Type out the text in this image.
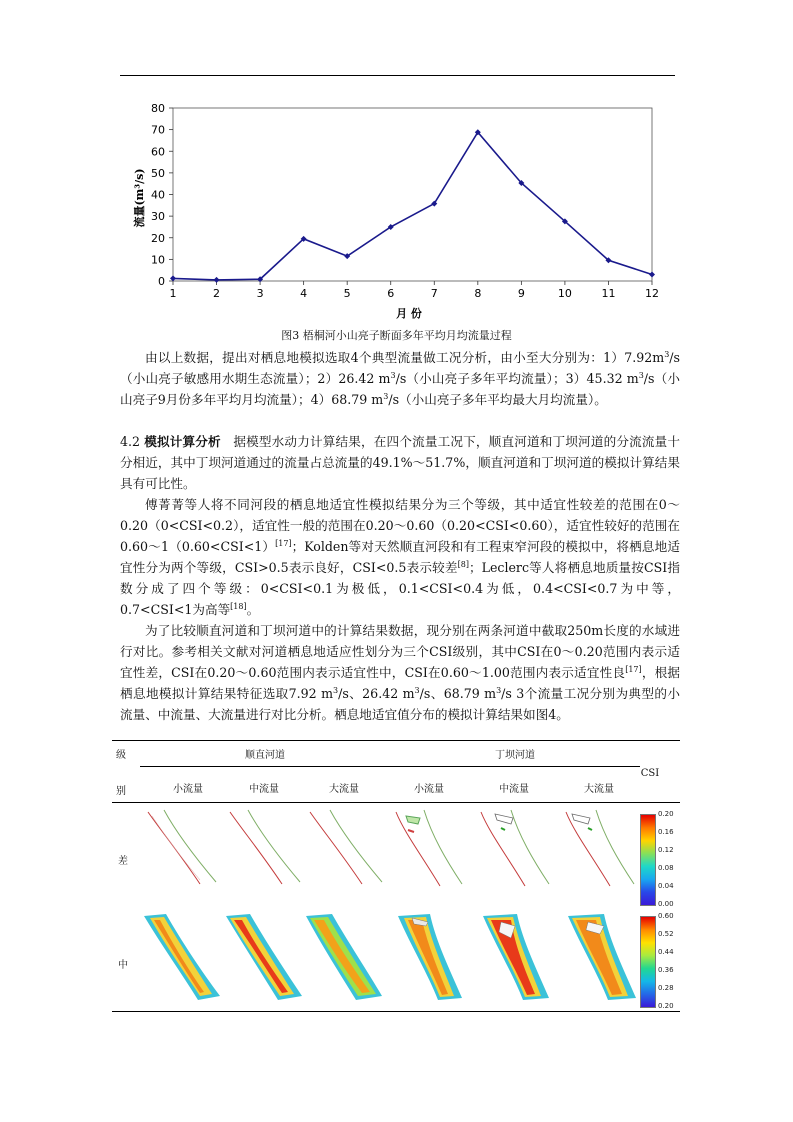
0
10
20
30
40
50
60
70
80
1	2	3	4	5	6	7	8	9	10	11	12
流量(m³/s)
月 份
图3 梧桐河小山亮子断面多年平均月均流量过程

由以上数据，提出对栖息地模拟选取4个典型流量做工况分析，由小至大分别为：$1)7.92m^3/s$（小山亮子敏感用水期生态流量）；2）26.42 $m^3/s$（小山亮子多年平均流量）；3）45.32 $m^3/s$（小山亮子9月份多年平均月均流量）；4）68.79 $m^3/s$（小山亮子多年平均最大月均流量）。

4.2 模拟计算分析 据模型水动力计算结果，在四个流量工况下，顺直河道和丁坝河道的分流流量十分相近，其中丁坝河道通过的流量占总流量的49.1%～51.7%，顺直河道和丁坝河道的模拟计算结果具有可比性。

傅菁菁等人将不同河段的栖息地适宜性模拟结果分为三个等级，其中适宜性较差的范围在0～0.20（0<CSI<0.2），适宜性一般的范围在0.20～0.60（0.20<CSI<0.60），适宜性较好的范围在0.60～1（0.60<CSI<1）[17]；Kolden等对天然顺直河段和有工程束窄河段的模拟中，将栖息地适宜性分为两个等级，CSI>0.5表示良好，CSI<0.5表示较差[8]；Leclerc等人将栖息地质量按CSI指数分成了四个等级：0<CSI<0.1为极低，0.1<CSI<0.4为低，0.4<CSI<0.7为中等，0.7<CSI<1为高等[18]。

为了比较顺直河道和丁坝河道中的计算结果数据，现分别在两条河道中截取250m长度的水域进行对比。参考相关文献对河道栖息地适应性划分为三个CSI级别，其中CSI在0～0.20范围内表示适宜性差，CSI在0.20～0.60范围内表示适宜性中，CSI在0.60～1.00范围内表示适宜性良[17]，根据栖息地模拟计算结果特征选取7.92 $m^3/s$、26.42 $m^3/s$、68.79 $m^3/s$ 3个流量工况分别为典型的小流量、中流量、大流量进行对比分析。栖息地适宜值分布的模拟计算结果如图4。

级
别
顺直河道	丁坝河道
CSI
小流量	中流量	大流量	小流量	中流量	大流量
差
中
0.20
0.16
0.12
0.08
0.04
0.00
0.60
0.52
0.44
0.36
0.28
0.20
